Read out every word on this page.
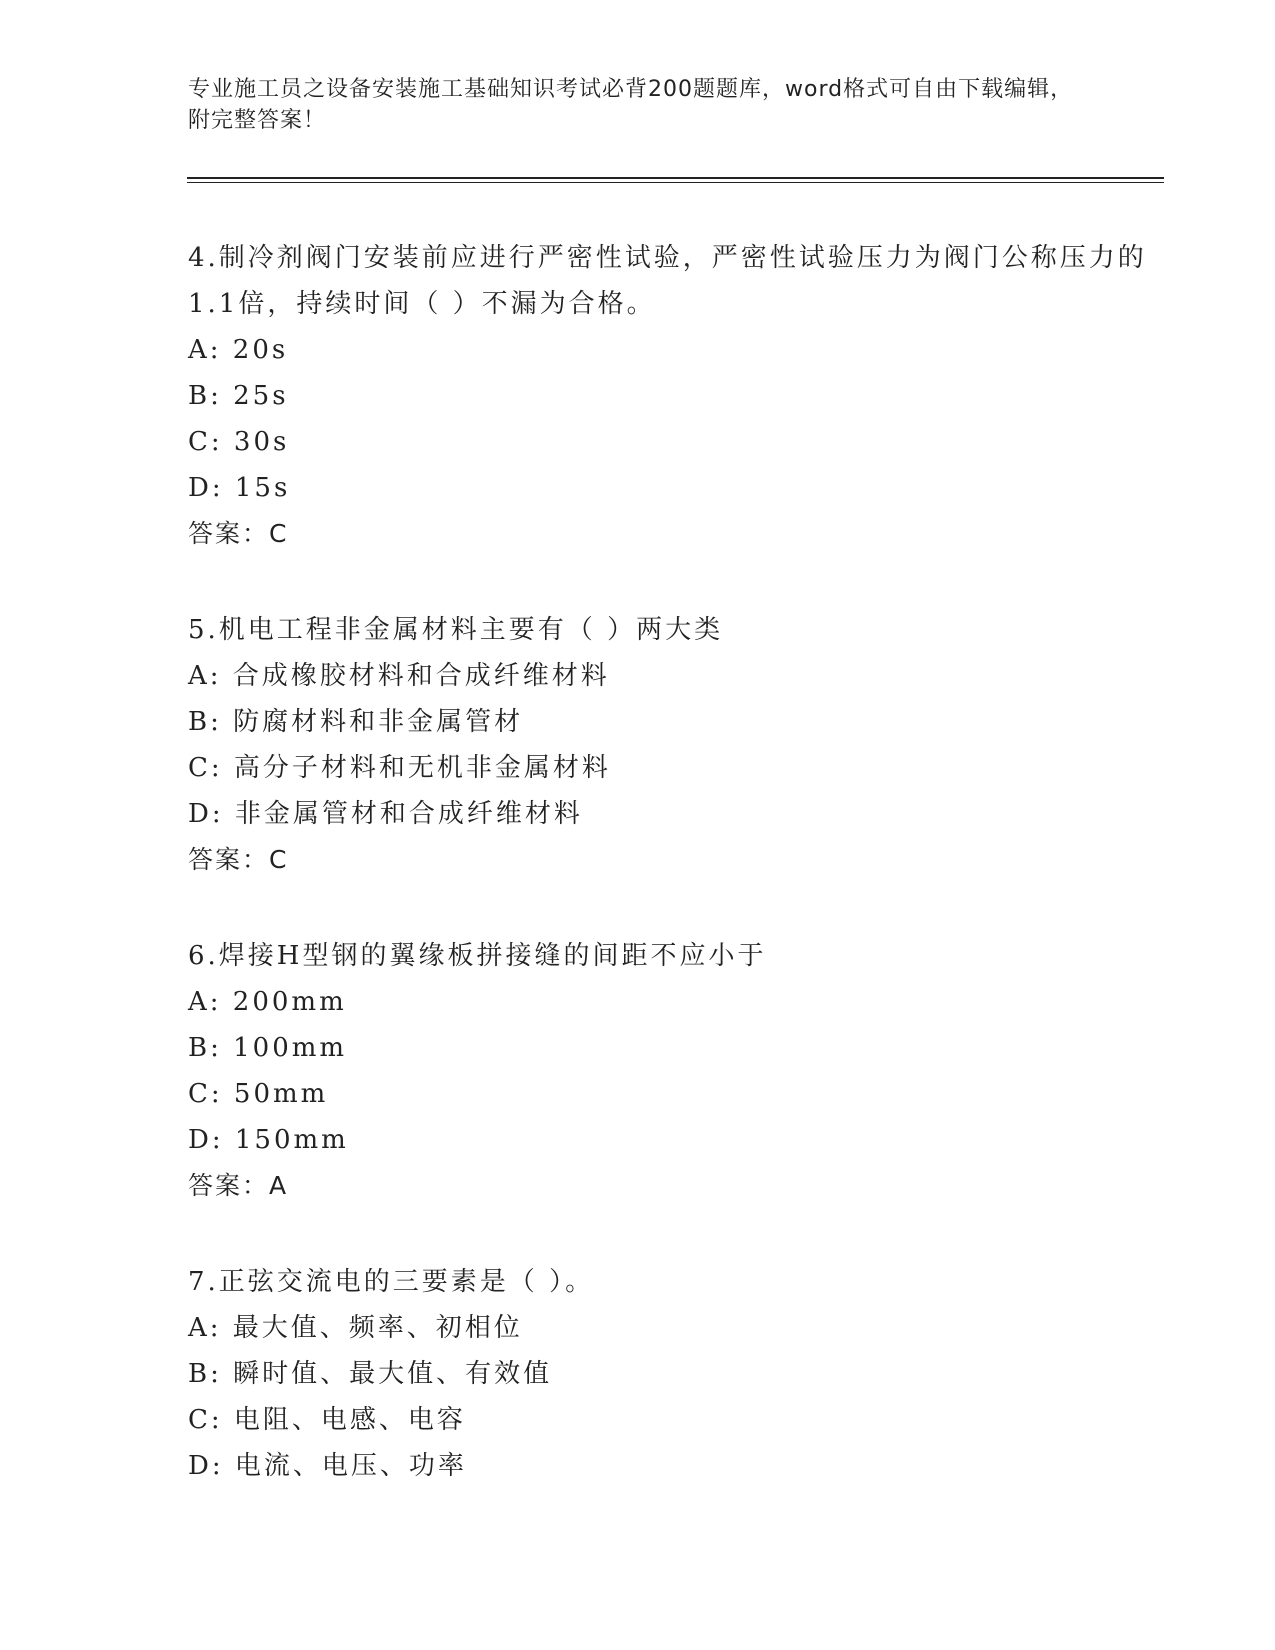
专业施工员之设备安装施工基础知识考试必背200题题库，word格式可自由下载编辑，附完整答案！
4.制冷剂阀门安装前应进行严密性试验，严密性试验压力为阀门公称压力的1.1倍，持续时间（ ）不漏为合格。
A: 20s
B: 25s
C: 30s
D: 15s
答案：C
5.机电工程非金属材料主要有（ ）两大类
A: 合成橡胶材料和合成纤维材料
B: 防腐材料和非金属管材
C: 高分子材料和无机非金属材料
D: 非金属管材和合成纤维材料
答案：C
6.焊接H型钢的翼缘板拼接缝的间距不应小于
A: 200mm
B: 100mm
C: 50mm
D: 150mm
答案：A
7.正弦交流电的三要素是（ ）。
A: 最大值、频率、初相位
B: 瞬时值、最大值、有效值
C: 电阻、电感、电容
D: 电流、电压、功率
